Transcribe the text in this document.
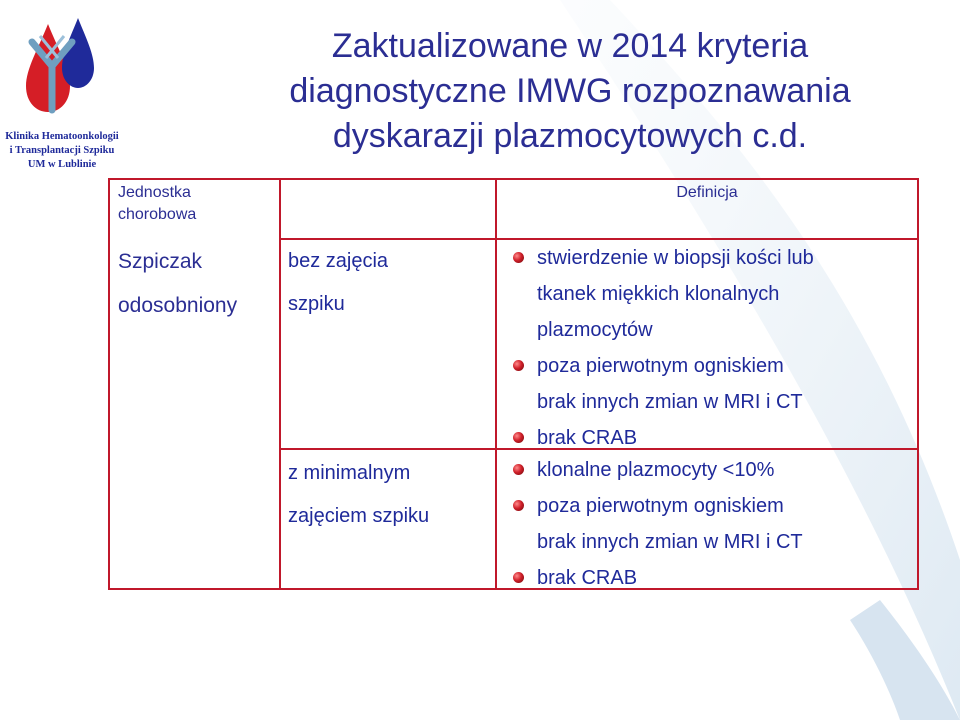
Klinika Hematoonkologii
i Transplantacji Szpiku
UM w Lublinie
Zaktualizowane w 2014 kryteria
diagnostyczne IMWG rozpoznawania
dyskarazji plazmocytowych c.d.
Jednostka
chorobowa
Definicja
Szpiczak
odosobniony
bez zajęcia
szpiku
stwierdzenie w biopsji kości lub
tkanek miękkich klonalnych
plazmocytów
poza pierwotnym ogniskiem
brak innych zmian w MRI i CT
brak CRAB
z minimalnym
zajęciem szpiku
klonalne plazmocyty <10%
poza pierwotnym ogniskiem
brak innych zmian w MRI i CT
brak CRAB
